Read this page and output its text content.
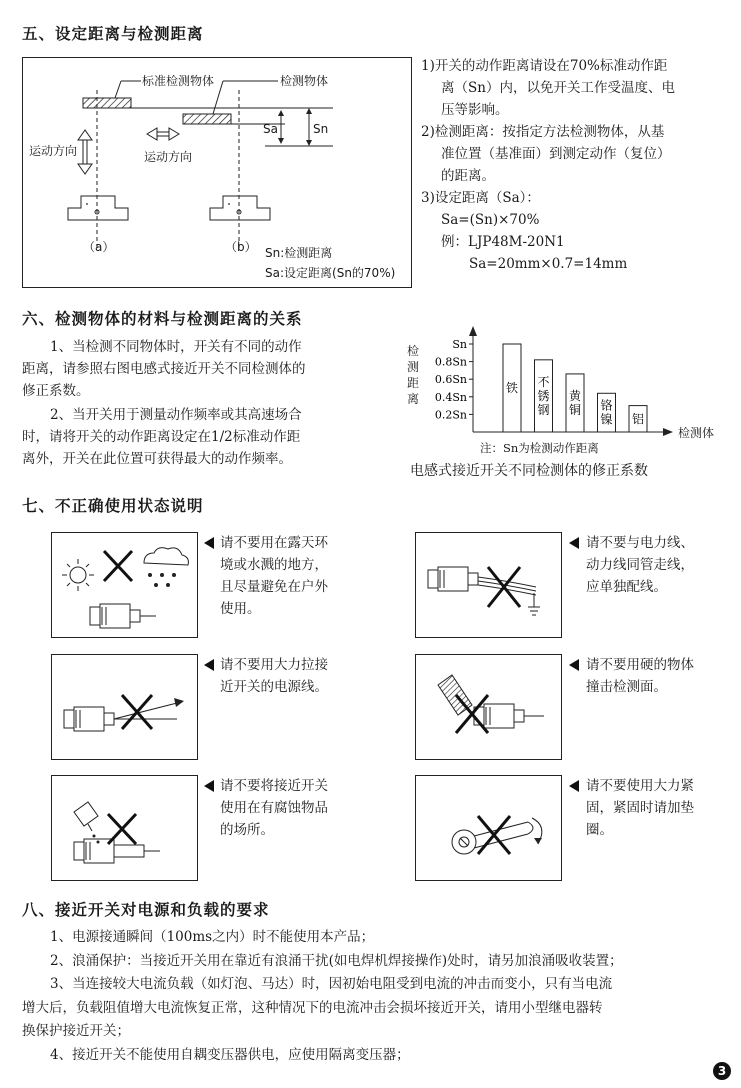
五、设定距离与检测距离
标准检测物体	检测物体
运动方向	运动方向
Sa	Sn
（a）	（b） Sn:检测距离
Sa:设定距离(Sn的70%)
1)开关的动作距离请设在70%标准动作距
离（Sn）内，以免开关工作受温度、电
压等影响。
2)检测距离：按指定方法检测物体，从基
准位置（基准面）到测定动作（复位）
的距离。
3)设定距离（Sa）：
Sa=(Sn)×70%
例：LJP48M-20N1
Sa=20mm×0.7=14mm
六、检测物体的材料与检测距离的关系
1、当检测不同物体时，开关有不同的动作
距离，请参照右图电感式接近开关不同检测体的
修正系数。
2、当开关用于测量动作频率或其高速场合
时，请将开关的动作距离设定在1/2标准动作距
离外，开关在此位置可获得最大的动作频率。
Sn
0.8Sn
0.6Sn
0.4Sn
0.2Sn
铁 不
锈
钢
黄
铜 铬
镍 铝
检测距离
检测体
注：Sn为检测动作距离
电感式接近开关不同检测体的修正系数
七、不正确使用状态说明
请不要用在露天环
境或水溅的地方，
且尽量避免在户外
使用。
请不要与电力线、
动力线同管走线，
应单独配线。
请不要用大力拉接
近开关的电源线。
请不要用硬的物体
撞击检测面。
请不要将接近开关
使用在有腐蚀物品
的场所。
请不要使用大力紧
固，紧固时请加垫
圈。
八、接近开关对电源和负载的要求
1、电源接通瞬间（100ms之内）时不能使用本产品；
2、浪涌保护：当接近开关用在靠近有浪涌干扰(如电焊机焊接操作)处时，请另加浪涌吸收装置；
3、当连接较大电流负载（如灯泡、马达）时，因初始电阻受到电流的冲击而变小，只有当电流
增大后，负载阻值增大电流恢复正常，这种情况下的电流冲击会损坏接近开关，请用小型继电器转
换保护接近开关；
4、接近开关不能使用自耦变压器供电，应使用隔离变压器；
3
